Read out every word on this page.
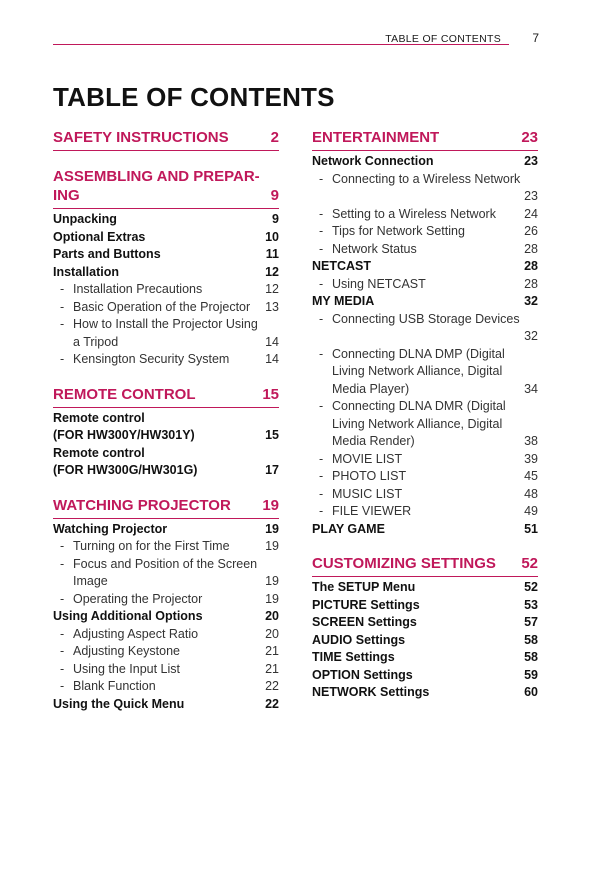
TABLE OF CONTENTS	7
TABLE OF CONTENTS
SAFETY INSTRUCTIONS	2
ASSEMBLING AND PREPAR-ING	9
Unpacking	9
Optional Extras	10
Parts and Buttons	11
Installation	12
- Installation Precautions	12
- Basic Operation of the Projector	13
- How to Install the Projector Using a Tripod	14
- Kensington Security System	14
REMOTE CONTROL	15
Remote control
(FOR HW300Y/HW301Y)	15
Remote control
(FOR HW300G/HW301G)	17
WATCHING PROJECTOR	19
Watching Projector	19
- Turning on for the First Time	19
- Focus and Position of the Screen Image	19
- Operating the Projector	19
Using Additional Options	20
- Adjusting Aspect Ratio	20
- Adjusting Keystone	21
- Using the Input List	21
- Blank Function	22
Using the Quick Menu	22
ENTERTAINMENT	23
Network Connection	23
- Connecting to a Wireless Network
23
- Setting to a Wireless Network	24
- Tips for Network Setting	26
- Network Status	28
NETCAST	28
- Using NETCAST	28
MY MEDIA	32
- Connecting USB Storage Devices
32
- Connecting DLNA DMP (Digital Living Network Alliance, Digital Media Player)	34
- Connecting DLNA DMR (Digital Living Network Alliance, Digital Media Render)	38
- MOVIE LIST	39
- PHOTO LIST	45
- MUSIC LIST	48
- FILE VIEWER	49
PLAY GAME	51
CUSTOMIZING SETTINGS	52
The SETUP Menu	52
PICTURE Settings	53
SCREEN Settings	57
AUDIO Settings	58
TIME Settings	58
OPTION Settings	59
NETWORK Settings	60
